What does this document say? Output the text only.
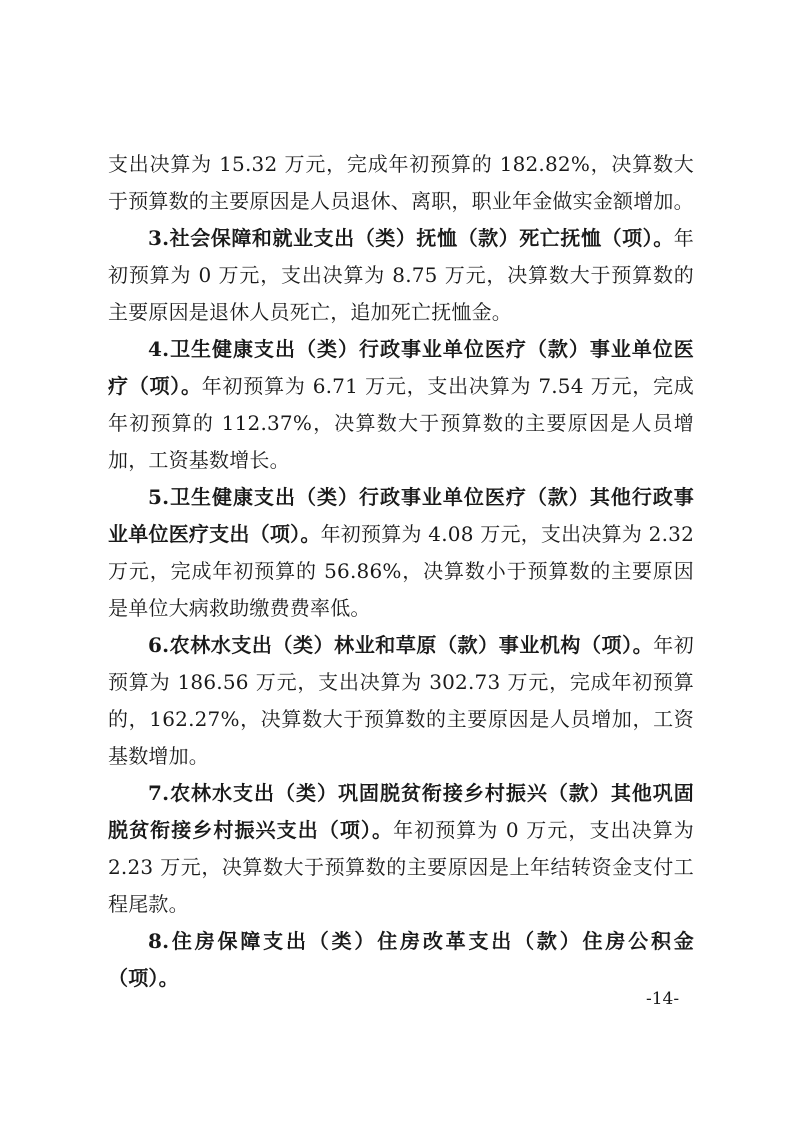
支出决算为 15.32 万元，完成年初预算的 182.82%，决算数大于预算数的主要原因是人员退休、离职，职业年金做实金额增加。

3.社会保障和就业支出（类）抚恤（款）死亡抚恤（项）。年初预算为 0 万元，支出决算为 8.75 万元，决算数大于预算数的主要原因是退休人员死亡，追加死亡抚恤金。

4.卫生健康支出（类）行政事业单位医疗（款）事业单位医疗（项）。年初预算为 6.71 万元，支出决算为 7.54 万元，完成年初预算的 112.37%，决算数大于预算数的主要原因是人员增加，工资基数增长。

5.卫生健康支出（类）行政事业单位医疗（款）其他行政事业单位医疗支出（项）。年初预算为 4.08 万元，支出决算为 2.32 万元，完成年初预算的 56.86%，决算数小于预算数的主要原因是单位大病救助缴费费率低。

6.农林水支出（类）林业和草原（款）事业机构（项）。年初预算为 186.56 万元，支出决算为 302.73 万元，完成年初预算的，162.27%，决算数大于预算数的主要原因是人员增加，工资基数增加。

7.农林水支出（类）巩固脱贫衔接乡村振兴（款）其他巩固脱贫衔接乡村振兴支出（项）。年初预算为 0 万元，支出决算为 2.23 万元，决算数大于预算数的主要原因是上年结转资金支付工程尾款。

8.住房保障支出（类）住房改革支出（款）住房公积金（项）。

-14-
